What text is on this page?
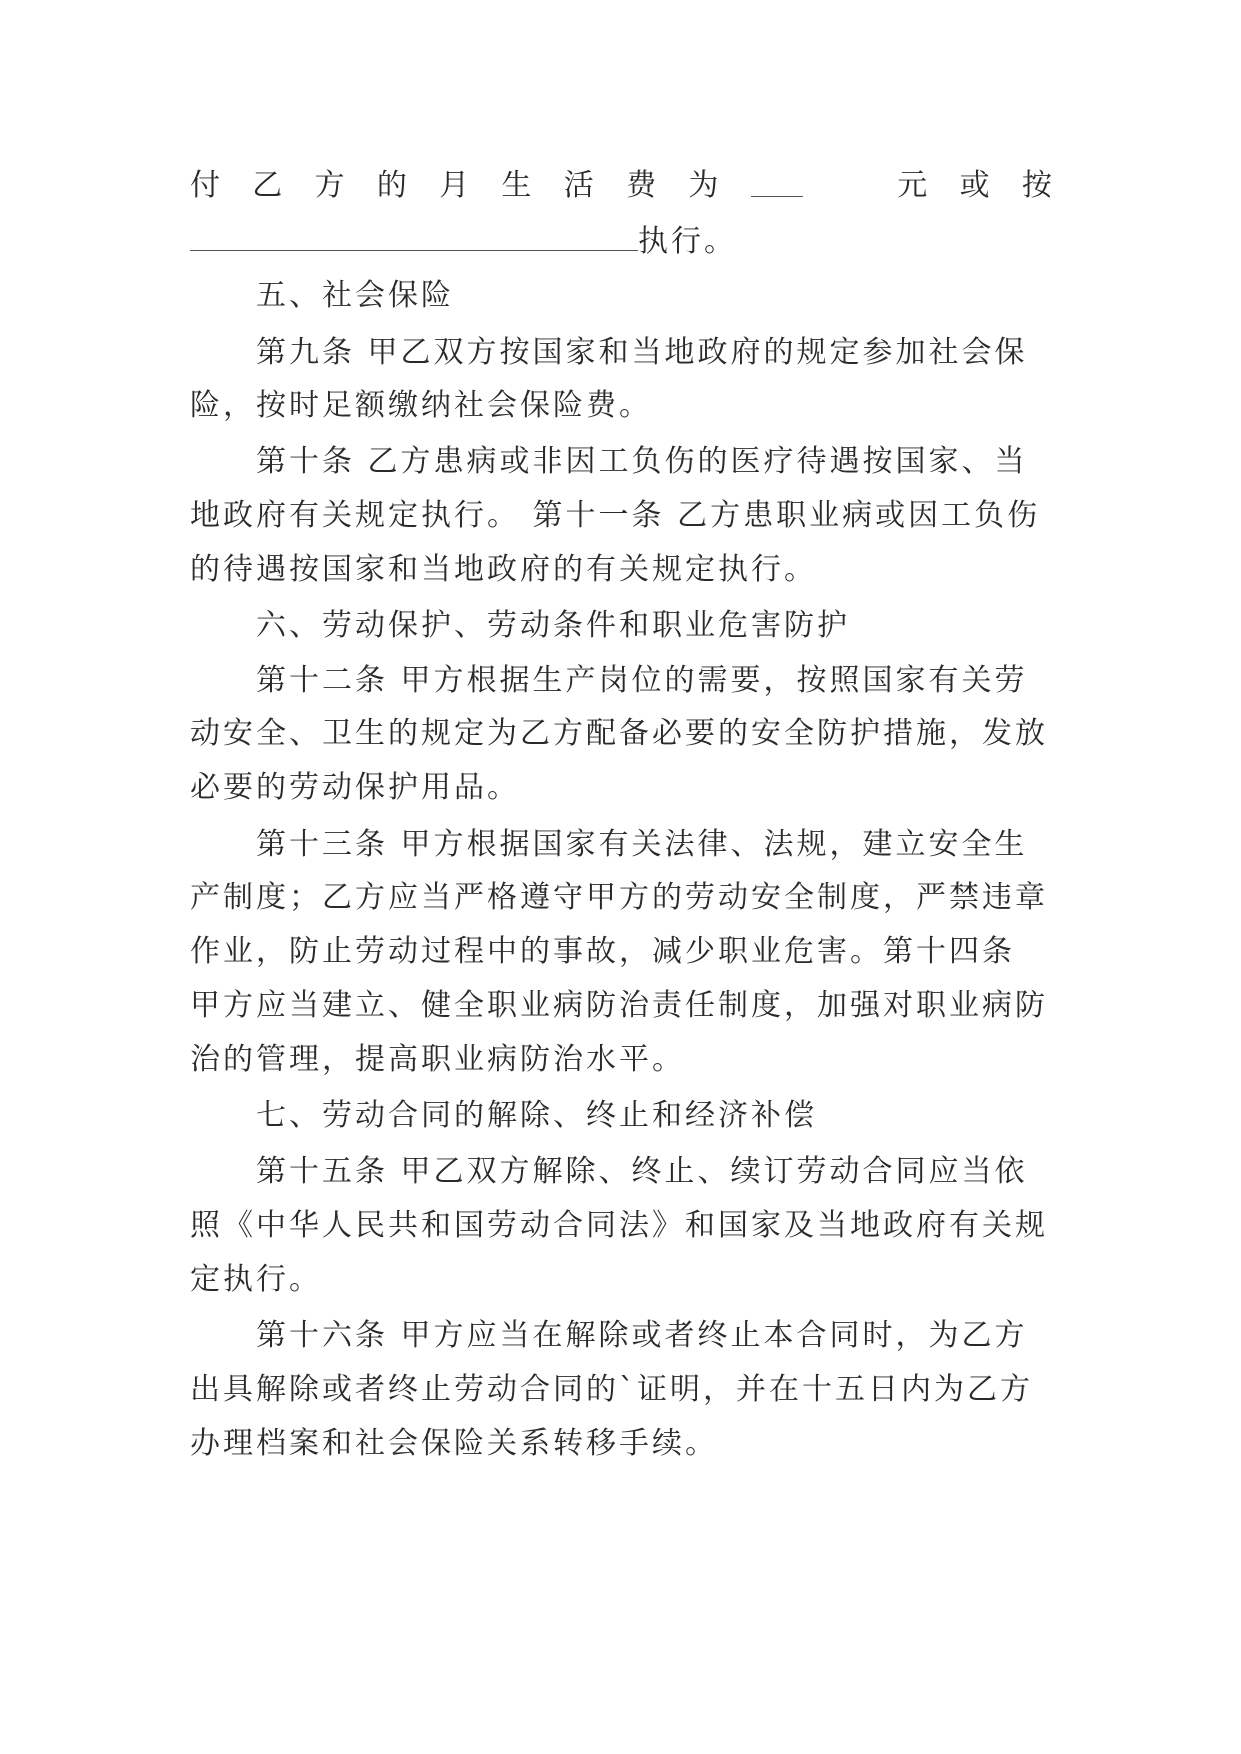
付 乙 方 的 月 生 活 费 为	元 或 按
执行。
五、社会保险
第九条 甲乙双方按国家和当地政府的规定参加社会保
险，按时足额缴纳社会保险费。
第十条 乙方患病或非因工负伤的医疗待遇按国家、当
地政府有关规定执行。 第十一条 乙方患职业病或因工负伤
的待遇按国家和当地政府的有关规定执行。
六、劳动保护、劳动条件和职业危害防护
第十二条 甲方根据生产岗位的需要，按照国家有关劳
动安全、卫生的规定为乙方配备必要的安全防护措施，发放
必要的劳动保护用品。
第十三条 甲方根据国家有关法律、法规，建立安全生
产制度；乙方应当严格遵守甲方的劳动安全制度，严禁违章
作业，防止劳动过程中的事故，减少职业危害。第十四条
甲方应当建立、健全职业病防治责任制度，加强对职业病防
治的管理，提高职业病防治水平。
七、劳动合同的解除、终止和经济补偿
第十五条 甲乙双方解除、终止、续订劳动合同应当依
照《中华人民共和国劳动合同法》和国家及当地政府有关规
定执行。
第十六条 甲方应当在解除或者终止本合同时，为乙方
出具解除或者终止劳动合同的`证明，并在十五日内为乙方
办理档案和社会保险关系转移手续。
